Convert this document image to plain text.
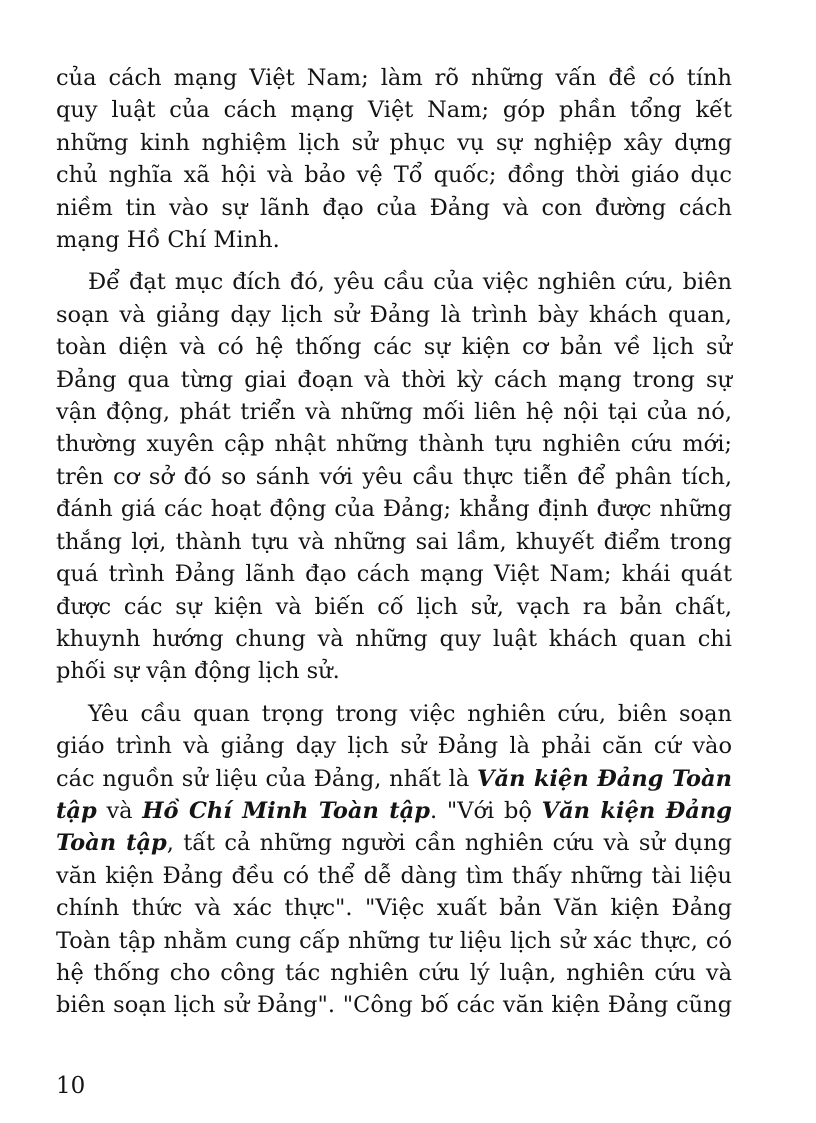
của cách mạng Việt Nam; làm rõ những vấn đề có tính
quy luật của cách mạng Việt Nam; góp phần tổng kết
những kinh nghiệm lịch sử phục vụ sự nghiệp xây dựng
chủ nghĩa xã hội và bảo vệ Tổ quốc; đồng thời giáo dục
niềm tin vào sự lãnh đạo của Đảng và con đường cách
mạng Hồ Chí Minh.

Để đạt mục đích đó, yêu cầu của việc nghiên cứu, biên
soạn và giảng dạy lịch sử Đảng là trình bày khách quan,
toàn diện và có hệ thống các sự kiện cơ bản về lịch sử
Đảng qua từng giai đoạn và thời kỳ cách mạng trong sự
vận động, phát triển và những mối liên hệ nội tại của nó,
thường xuyên cập nhật những thành tựu nghiên cứu mới;
trên cơ sở đó so sánh với yêu cầu thực tiễn để phân tích,
đánh giá các hoạt động của Đảng; khẳng định được những
thắng lợi, thành tựu và những sai lầm, khuyết điểm trong
quá trình Đảng lãnh đạo cách mạng Việt Nam; khái quát
được các sự kiện và biến cố lịch sử, vạch ra bản chất,
khuynh hướng chung và những quy luật khách quan chi
phối sự vận động lịch sử.

Yêu cầu quan trọng trong việc nghiên cứu, biên soạn
giáo trình và giảng dạy lịch sử Đảng là phải căn cứ vào
các nguồn sử liệu của Đảng, nhất là Văn kiện Đảng Toàn
tập và Hồ Chí Minh Toàn tập. "Với bộ Văn kiện Đảng
Toàn tập, tất cả những người cần nghiên cứu và sử dụng
văn kiện Đảng đều có thể dễ dàng tìm thấy những tài liệu
chính thức và xác thực". "Việc xuất bản Văn kiện Đảng
Toàn tập nhằm cung cấp những tư liệu lịch sử xác thực, có
hệ thống cho công tác nghiên cứu lý luận, nghiên cứu và
biên soạn lịch sử Đảng". "Công bố các văn kiện Đảng cũng

10
